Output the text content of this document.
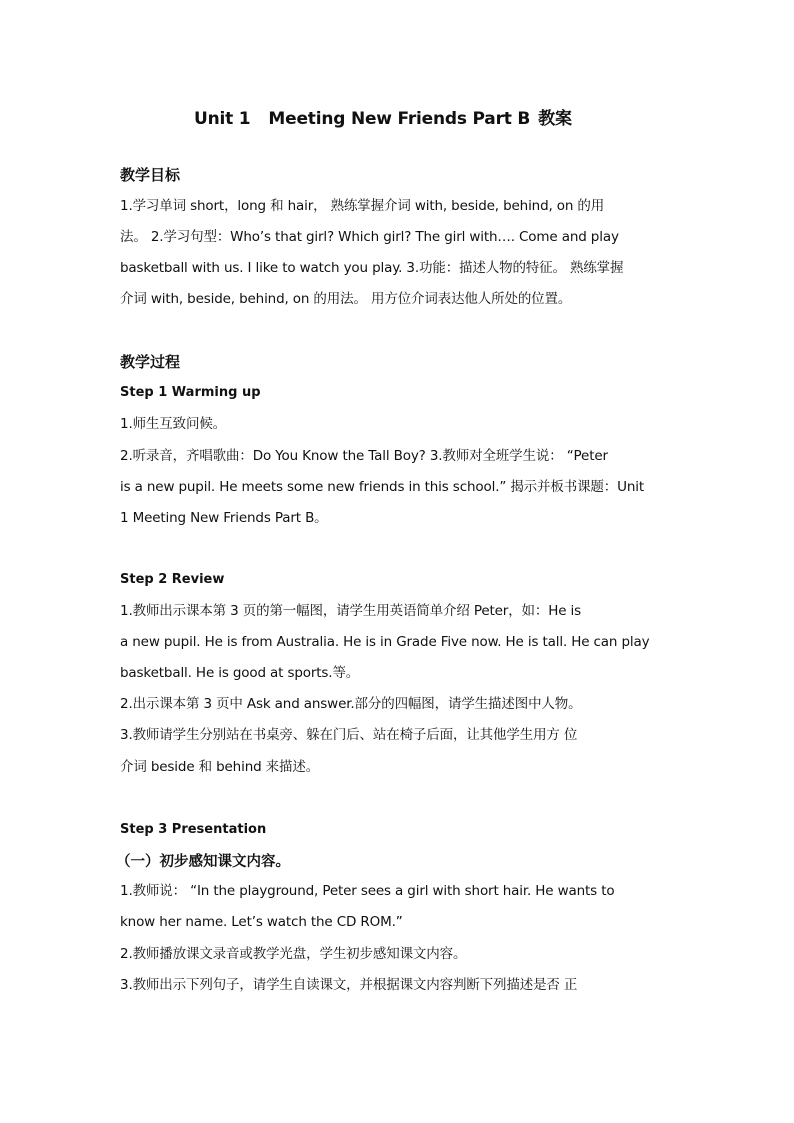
Unit 1 Meeting New Friends Part B 教案
教学目标
1.学习单词 short，long 和 hair， 熟练掌握介词 with, beside, behind, on 的用
法。 2.学习句型：Who’s that girl? Which girl? The girl with…. Come and play
basketball with us. I like to watch you play. 3.功能：描述人物的特征。 熟练掌握
介词 with, beside, behind, on 的用法。 用方位介词表达他人所处的位置。
教学过程
Step 1 Warming up
1.师生互致问候。
2.听录音，齐唱歌曲：Do You Know the Tall Boy? 3.教师对全班学生说： “Peter
is a new pupil. He meets some new friends in this school.” 揭示并板书课题：Unit
1 Meeting New Friends Part B。
Step 2 Review
1.教师出示课本第 3 页的第一幅图，请学生用英语简单介绍 Peter，如：He is
a new pupil. He is from Australia. He is in Grade Five now. He is tall. He can play
basketball. He is good at sports.等。
2.出示课本第 3 页中 Ask and answer.部分的四幅图，请学生描述图中人物。
3.教师请学生分别站在书桌旁、躲在门后、站在椅子后面，让其他学生用方 位
介词 beside 和 behind 来描述。
Step 3 Presentation
（一）初步感知课文内容。
1.教师说： “In the playground, Peter sees a girl with short hair. He wants to
know her name. Let’s watch the CD ROM.”
2.教师播放课文录音或教学光盘，学生初步感知课文内容。
3.教师出示下列句子，请学生自读课文，并根据课文内容判断下列描述是否 正
